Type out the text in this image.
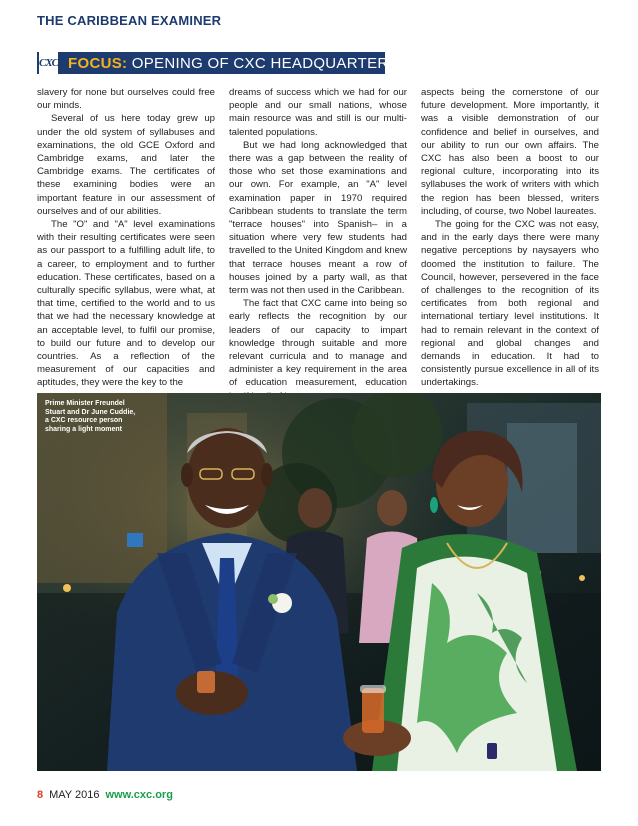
THE CARIBBEAN EXAMINER
CXC FOCUS: OPENING OF CXC HEADQUARTERS

slavery for none but ourselves could free our minds.

Several of us here today grew up under the old system of syllabuses and examinations, the old GCE Oxford and Cambridge exams, and later the Cambridge exams. The certificates of these examining bodies were an important feature in our assessment of ourselves and of our abilities.

The "O" and "A" level examinations with their resulting certificates were seen as our passport to a fulfilling adult life, to a career, to employment and to further education. These certificates, based on a culturally specific syllabus, were what, at that time, certified to the world and to us that we had the necessary knowledge at an acceptable level, to fulfil our promise, to build our future and to develop our countries. As a reflection of the measurement of our capacities and aptitudes, they were the key to the

dreams of success which we had for our people and our small nations, whose main resource was and still is our multi-talented populations.

But we had long acknowledged that there was a gap between the reality of those who set those examinations and our own. For example, an "A" level examination paper in 1970 required Caribbean students to translate the term "terrace houses" into Spanish– in a situation where very few students had travelled to the United Kingdom and knew that terrace houses meant a row of houses joined by a party wall, as that term was not then used in the Caribbean.

The fact that CXC came into being so early reflects the recognition by our leaders of our capacity to impart knowledge through suitable and more relevant curricula and to manage and administer a key requirement in the area of education measurement, education

aspects being the cornerstone of our future development. More importantly, it was a visible demonstration of our confidence and belief in ourselves, and our ability to run our own affairs. The CXC has also been a boost to our regional culture, incorporating into its syllabuses the work of writers with which the region has been blessed, writers including, of course, two Nobel laureates.

The going for the CXC was not easy, and in the early days there were many negative perceptions by naysayers who doomed the institution to failure. The Council, however, persevered in the face of challenges to the recognition of its certificates from both regional and international tertiary level institutions. It had to remain relevant in the context of regional and global changes and demands in education. It had to consistently pursue excellence in all of its undertakings.

Prime Minister Freundel Stuart and Dr June Cuddie, a CXC resource person sharing a light moment
8 MAY 2016 www.cxc.org
